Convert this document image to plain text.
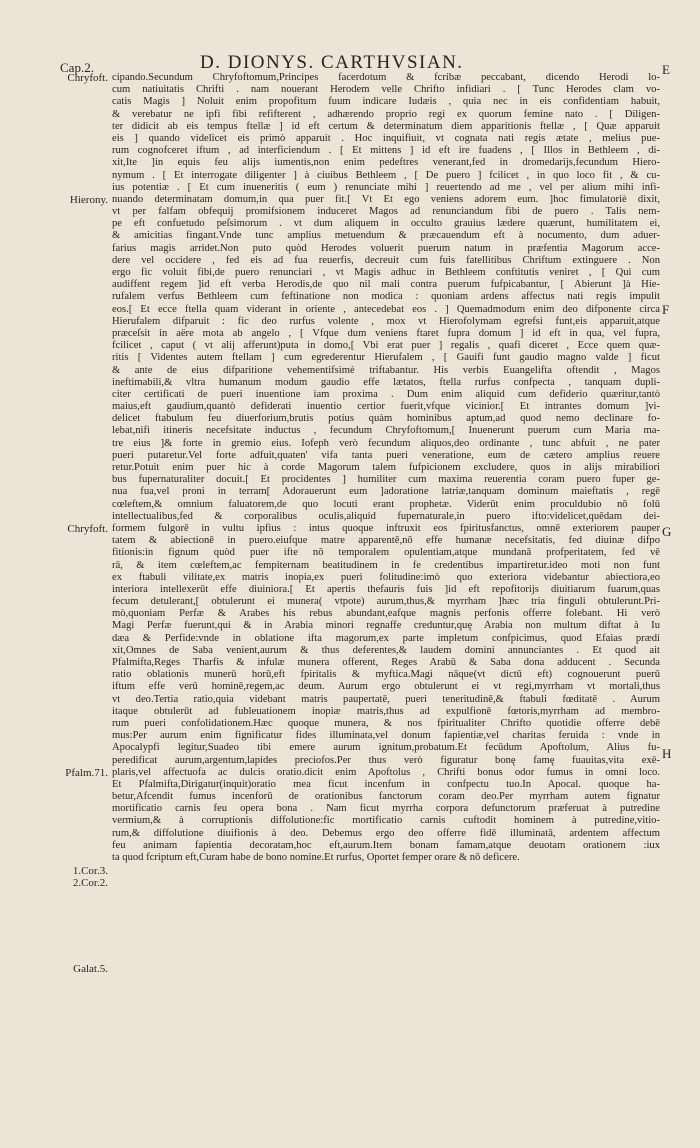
Cap.2.	D. DIONYS. CARTHVSIAN.	E
F
G
H
Chryfoft.
Hierony.
Chryfoft.
Pfalm.71.
1.Cor.3.
2.Cor.2.
Galat.5.
cipando.Secundum Chryfoftomum,Principes facerdotum & fcribæ peccabant, dicendo Herodi lo-
cum natiuitatis Chrifti . nam nouerant Herodem velle Chrifto infidiari . [ Tunc Herodes clam vo-
catis Magis ] Noluit enim propofitum fuum indicare Iudæis , quia nec in eis confidentiam habuit,
& verebatur ne ipfi fibi refifterent , adhærendo proprio regi ex quorum femine nato . [ Diligen-
ter didicit ab eis tempus ftellæ ] id eft certum & determinatum diem apparitionis ftellæ , [ Quæ apparuit
eis ] quando videlicet eis primò apparuit . Hoc inquifiuit, vt cognata nati regis ætate , melius pue-
rum cognofceret iftum , ad interficiendum . [ Et mittens ] id eft ire fuadens , [ Illos in Bethleem , di-
xit,Ite ]in equis feu alijs iumentis,non enim pedeftres venerant,fed in dromedarijs,fecundum Hiero-
nymum . [ Et interrogate diligenter ] à ciuibus Bethleem , [ De puero ] fcilicet , in quo loco fit , & cu-
ius potentiæ . [ Et cum inueneritis ( eum ) renunciate mihi ] reuertendo ad me , vel per alium mihi infi-
nuando determinatam domum,in qua puer fit.[ Vt Et ego veniens adorem eum. ]hoc fimulatoriè dixit,
vt per falfam obfequij promifsionem induceret Magos ad renunciandum fibi de puero . Talis nem-
pe eft confuetudo peſsimorum . vt dum aliquem in occulto grauius lædere quærunt, humilitatem ei,
& amicitias fingant.Vnde tunc amplius metuendum & præcauendum eft à nocumento, dum aduer-
farius magis arridet.Non puto quòd Herodes voluerit puerum natum in præfentia Magorum acce-
dere vel occidere , fed eis ad fua reuerfis, decreuit cum fuis fatellitibus Chriftum extinguere . Non
ergo fic voluit fibi,de puero renunciari , vt Magis adhuc in Bethleem conftitutis veniret , [ Qui cum
audiffent regem ]id eft verba Herodis,de quo nil mali contra puerum fufpicabantur, [ Abierunt ]à Hie-
rufalem verfus Bethleem cum feftinatione non modica : quoniam ardens affectus nati regis impulit
eos.[ Et ecce ftella quam viderant in oriente , antecedebat eos . ] Quemadmodum enim deo difponente circa
Hierufalem difparuit : fic deo rurfus volente , mox vt Hierofolymam egrefsi funt,eis apparuit,atque
præceſsit in aëre mota ab angelo , [ Vfque dum veniens ftaret fupra domum ] id eft in qua, vel fupra,
fcilicet , caput ( vt alij afferunt)puta in domo,[ Vbi erat puer ] regalis , quafi diceret , Ecce quem quæ-
ritis [ Videntes autem ftellam ] cum egrederentur Hierufalem , [ Gauifi funt gaudio magno valde ] ficut
& ante de eius difparitione vehementifsimè triftabantur. His verbis Euangelifta oftendit , Magos
ineftimabili,& vltra humanum modum gaudio effe lætatos, ftella rurfus confpecta , tanquam dupli-
citer certificati de pueri inuentione iam proxima . Dum enim aliquid cum defiderio quæritur,tantò
maius,eft gaudium,quantò defiderati inuentio certior fuerit,vfque vicinior.[ Et intrantes domum ]vi-
delicet ftabulum feu diuerforium,brutis potius quàm hominibus aptum,ad quod nemo declinare fo-
lebat,nifi itineris necefsitate inductus , fecundum Chryfoftomum,[ Inuenerunt puerum cum Maria ma-
tre eius ]& forte in gremio eius. Iofeph verò fecundum aliquos,deo ordinante , tunc abfuit , ne pater
pueri putaretur.Vel forte adfuit,quaten' vifa tanta pueri veneratione, eum de cætero amplius reuere
retur.Potuit enim puer hic à corde Magorum talem fufpicionem excludere, quos in alijs mirabiliori
bus fupernaturaliter docuit.[ Et procidentes ] humiliter cum maxima reuerentia coram puero fuper ge-
nua fua,vel proni in terram[ Adorauerunt eum ]adoratione latriæ,tanquam dominum maieftatis , regē
cœleftem,& omnium faluatorem,de quo locuti erant prophetæ. Viderūt enim proculdubio nō folū
intellectualibus,fed & corporalibus oculis,aliquid fupernaturale,in puero ifto:videlicet,quēdam dei-
formem fulgorē in vultu ipfius : intus quoque inftruxit eos fpiritusfanctus, omnē exteriorem pauper
tatem & abiectionē in puero.eiufque matre apparentē,nō effe humanæ necefsitatis, fed diuinæ difpo
fitionis:in fignum quòd puer ifte nō temporalem opulentiam,atque mundanā profperitatem, fed vē
rā, & item cœleftem,ac fempiternam beatitudinem in fe credentibus impartiretur.ideo moti non funt
ex ftabuli vilitate,ex matris inopia,ex pueri folitudine:imò quo exteriora videbantur abiectiora,eo
interiora intellexerūt effe diuiniora.[ Et apertis thefauris fuis ]id eft repofitorijs diuitiarum fuarum,quas
fecum detulerant,[ obtulerunt ei munera( vtpote) aurum,thus,& myrrham ]hæc tria finguli obtulerunt.Pri-
mò,quoniam Perfæ & Arabes his rebus abundant,eafque magnis perfonis offerre folebant. Hi verò
Magi Perfæ fuerunt,qui & in Arabia minori regnaffe creduntur,quę Arabia non multum diftat à Iu
dæa & Perfide:vnde in oblatione ifta magorum,ex parte impletum confpicimus, quod Efaias prædi
xit,Omnes de Saba venient,aurum & thus deferentes,& laudem domini annunciantes . Et quod ait
Pfalmifta,Reges Tharfis & infulæ munera offerent, Reges Arabū & Saba dona adducent . Secunda
ratio oblationis munerū horū,eft fpiritalis & myftica.Magi nāque(vt dictū eft) cognouerunt puerū
iftum effe verū hominē,regem,ac deum. Aurum ergo obtulerunt ei vt regi,myrrham vt mortali,thus
vt deo.Tertia ratio,quia videbant matris paupertatē, pueri teneritudinē,& ftabuli fœditatē . Aurum
itaque obtulerūt ad fubleuationem inopiæ matris,thus ad expulfionē fœtoris,myrrham ad membro-
rum pueri confolidationem.Hæc quoque munera, & nos fpiritualiter Chrifto quotidie offerre debē
mus:Per aurum enim fignificatur fides illuminata,vel donum fapientiæ,vel charitas feruida : vnde in
Apocalypfi legitur,Suadeo tibi emere aurum ignitum,probatum.Et fecūdum Apoftolum, Alius fu-
peredificat aurum,argentum,lapides preciofos.Per thus verò figuratur bonę famę fuauitas,vita exē-
plaris,vel affectuofa ac dulcis oratio.dicit enim Apoftolus , Chrifti bonus odor fumus in omni loco.
Et Pfalmifta,Dirigatur(inquit)oratio mea ficut incenfum in confpectu tuo.In Apocal. quoque ha-
betur,Afcendit fumus incenforū de orationibus fanctorum coram deo.Per myrrham autem fignatur
mortificatio carnis feu opera bona . Nam ficut myrrha corpora defunctorum præferuat à putredine
vermium,& à corruptionis diffolutione:fic mortificatio carnis cuftodit hominem à putredine,vitio-
rum,& diffolutione diuifionis à deo. Debemus ergo deo offerre fidē illuminatā, ardentem affectum
feu animam fapientia decoratam,hoc eft,aurum.Item bonam famam,atque deuotam orationem :iux
ta quod fcriptum eft,Curam habe de bono nomine.Et rurfus, Oportet femper orare & nō deficere.
